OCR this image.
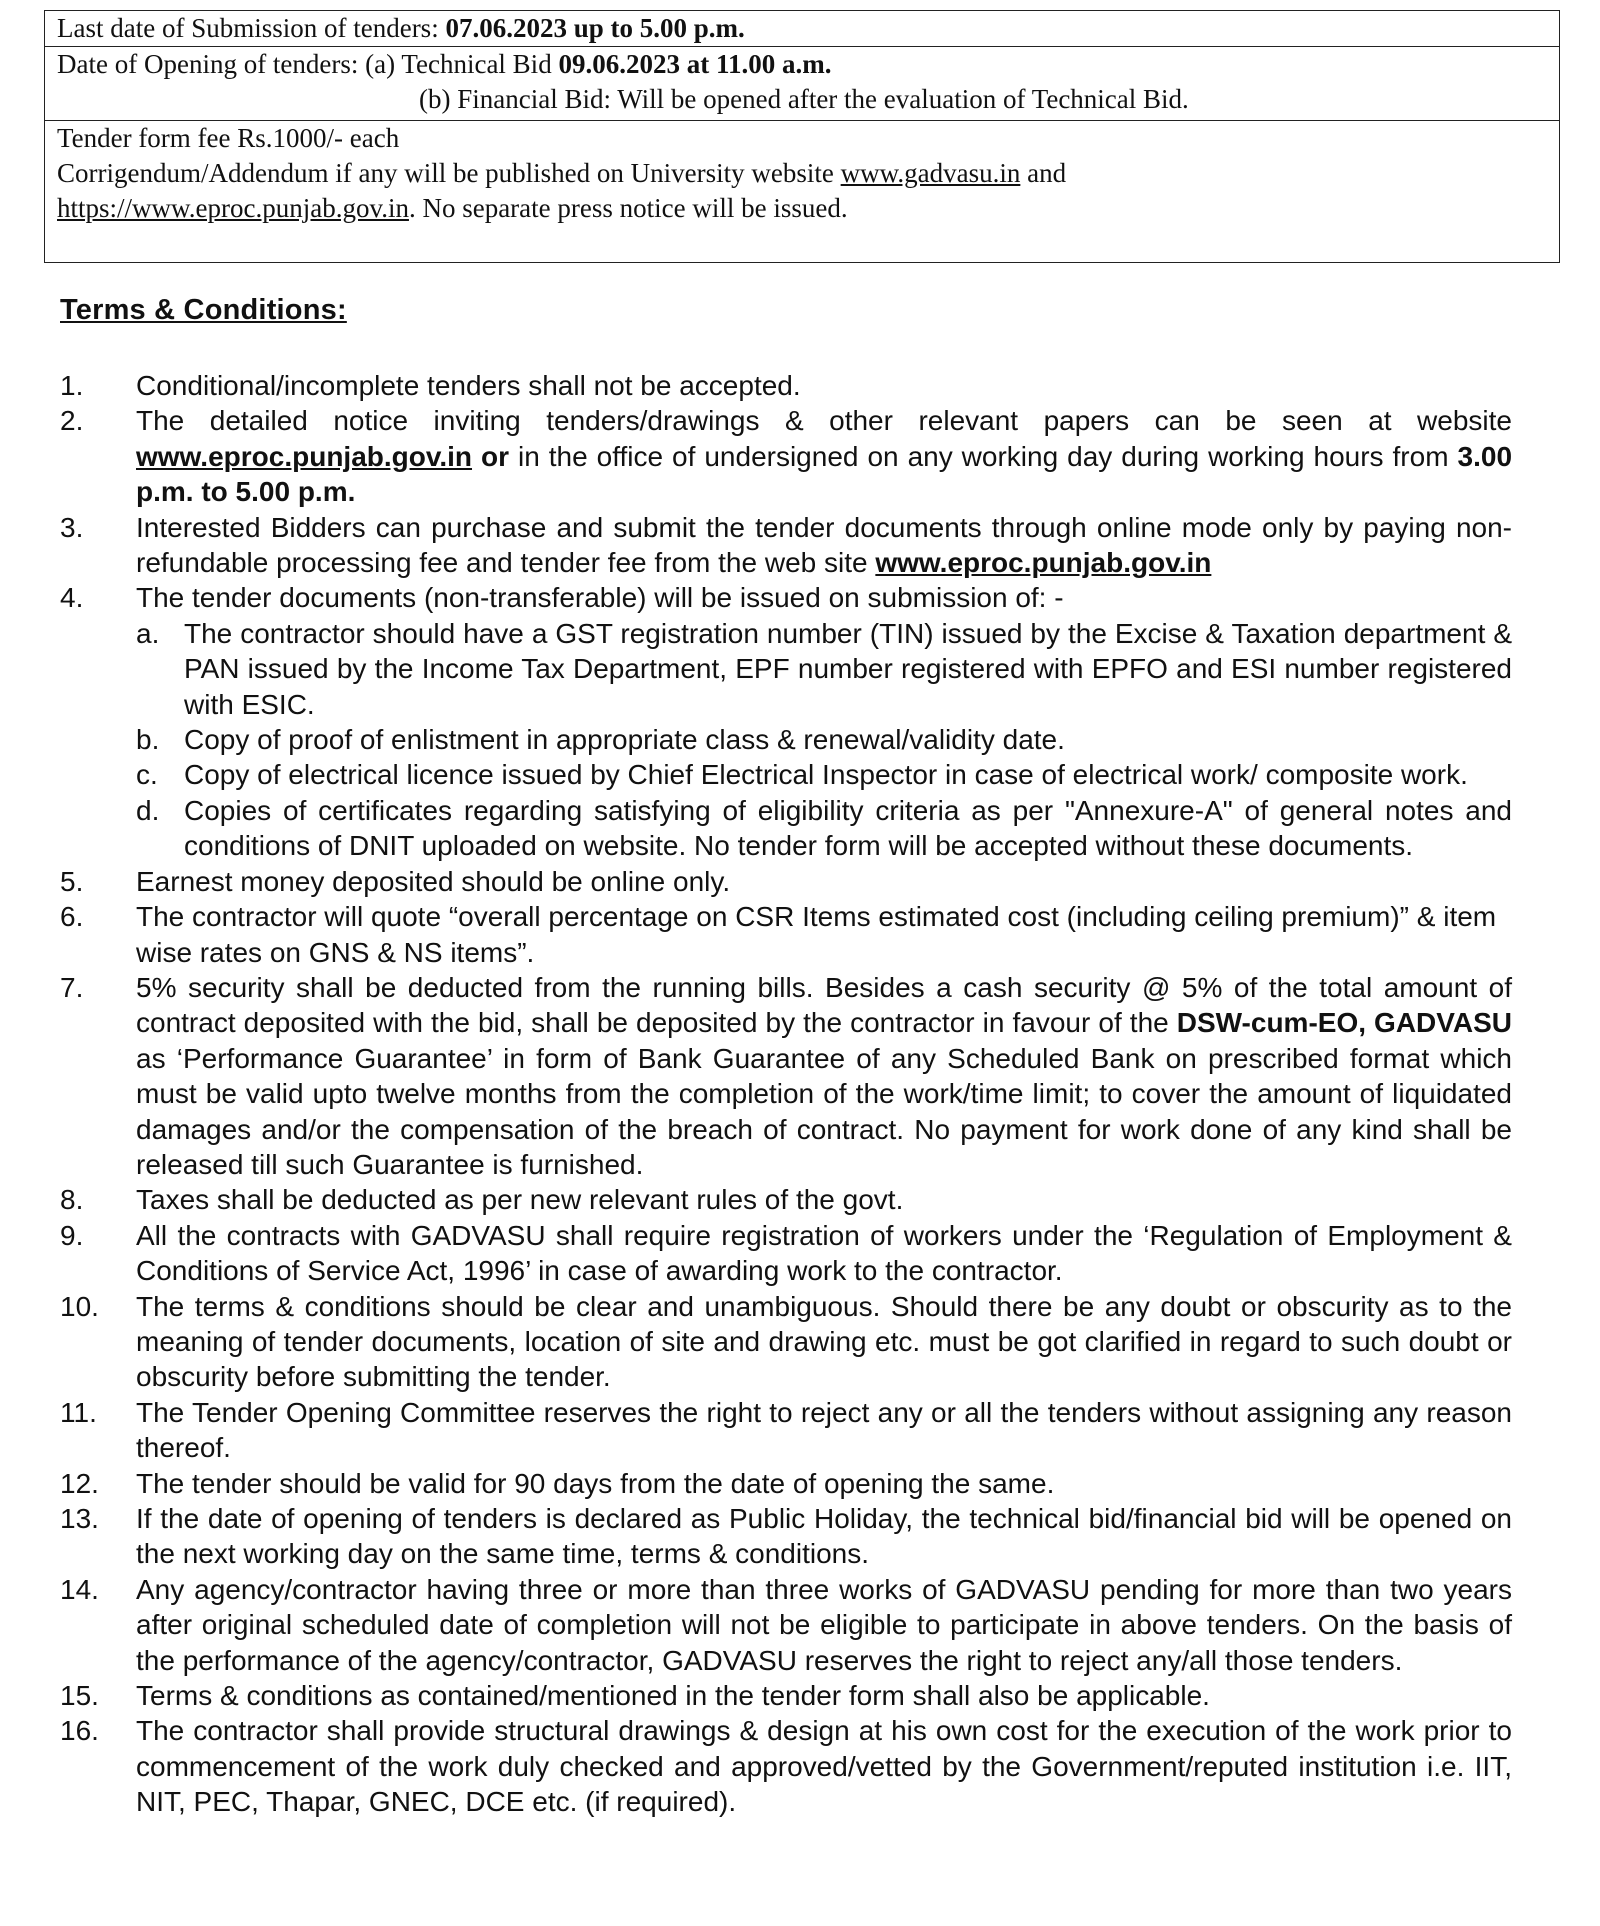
Last date of Submission of tenders: 07.06.2023 up to 5.00 p.m.
Date of Opening of tenders: (a) Technical Bid 09.06.2023 at 11.00 a.m.
(b) Financial Bid: Will be opened after the evaluation of Technical Bid.
Tender form fee Rs.1000/- each
Corrigendum/Addendum if any will be published on University website www.gadvasu.in and
https://www.eproc.punjab.gov.in. No separate press notice will be issued.
Terms & Conditions:
1.	Conditional/incomplete tenders shall not be accepted.
2.	The detailed notice inviting tenders/drawings & other relevant papers can be seen at website www.eproc.punjab.gov.in or in the office of undersigned on any working day during working hours from 3.00 p.m. to 5.00 p.m.
3.	Interested Bidders can purchase and submit the tender documents through online mode only by paying non-refundable processing fee and tender fee from the web site www.eproc.punjab.gov.in
4.	The tender documents (non-transferable) will be issued on submission of: -
a. The contractor should have a GST registration number (TIN) issued by the Excise & Taxation department & PAN issued by the Income Tax Department, EPF number registered with EPFO and ESI number registered with ESIC.
b. Copy of proof of enlistment in appropriate class & renewal/validity date.
c. Copy of electrical licence issued by Chief Electrical Inspector in case of electrical work/ composite work.
d. Copies of certificates regarding satisfying of eligibility criteria as per "Annexure-A" of general notes and conditions of DNIT uploaded on website. No tender form will be accepted without these documents.
5.	Earnest money deposited should be online only.
6.	The contractor will quote “overall percentage on CSR Items estimated cost (including ceiling premium)” & item wise rates on GNS & NS items”.
7.	5% security shall be deducted from the running bills. Besides a cash security @ 5% of the total amount of contract deposited with the bid, shall be deposited by the contractor in favour of the DSW-cum-EO, GADVASU as ‘Performance Guarantee’ in form of Bank Guarantee of any Scheduled Bank on prescribed format which must be valid upto twelve months from the completion of the work/time limit; to cover the amount of liquidated damages and/or the compensation of the breach of contract. No payment for work done of any kind shall be released till such Guarantee is furnished.
8.	Taxes shall be deducted as per new relevant rules of the govt.
9.	All the contracts with GADVASU shall require registration of workers under the ‘Regulation of Employment & Conditions of Service Act, 1996’ in case of awarding work to the contractor.
10.	The terms & conditions should be clear and unambiguous. Should there be any doubt or obscurity as to the meaning of tender documents, location of site and drawing etc. must be got clarified in regard to such doubt or obscurity before submitting the tender.
11.	The Tender Opening Committee reserves the right to reject any or all the tenders without assigning any reason thereof.
12.	The tender should be valid for 90 days from the date of opening the same.
13.	If the date of opening of tenders is declared as Public Holiday, the technical bid/financial bid will be opened on the next working day on the same time, terms & conditions.
14.	Any agency/contractor having three or more than three works of GADVASU pending for more than two years after original scheduled date of completion will not be eligible to participate in above tenders. On the basis of the performance of the agency/contractor, GADVASU reserves the right to reject any/all those tenders.
15.	Terms & conditions as contained/mentioned in the tender form shall also be applicable.
16.	The contractor shall provide structural drawings & design at his own cost for the execution of the work prior to commencement of the work duly checked and approved/vetted by the Government/reputed institution i.e. IIT, NIT, PEC, Thapar, GNEC, DCE etc. (if required).
